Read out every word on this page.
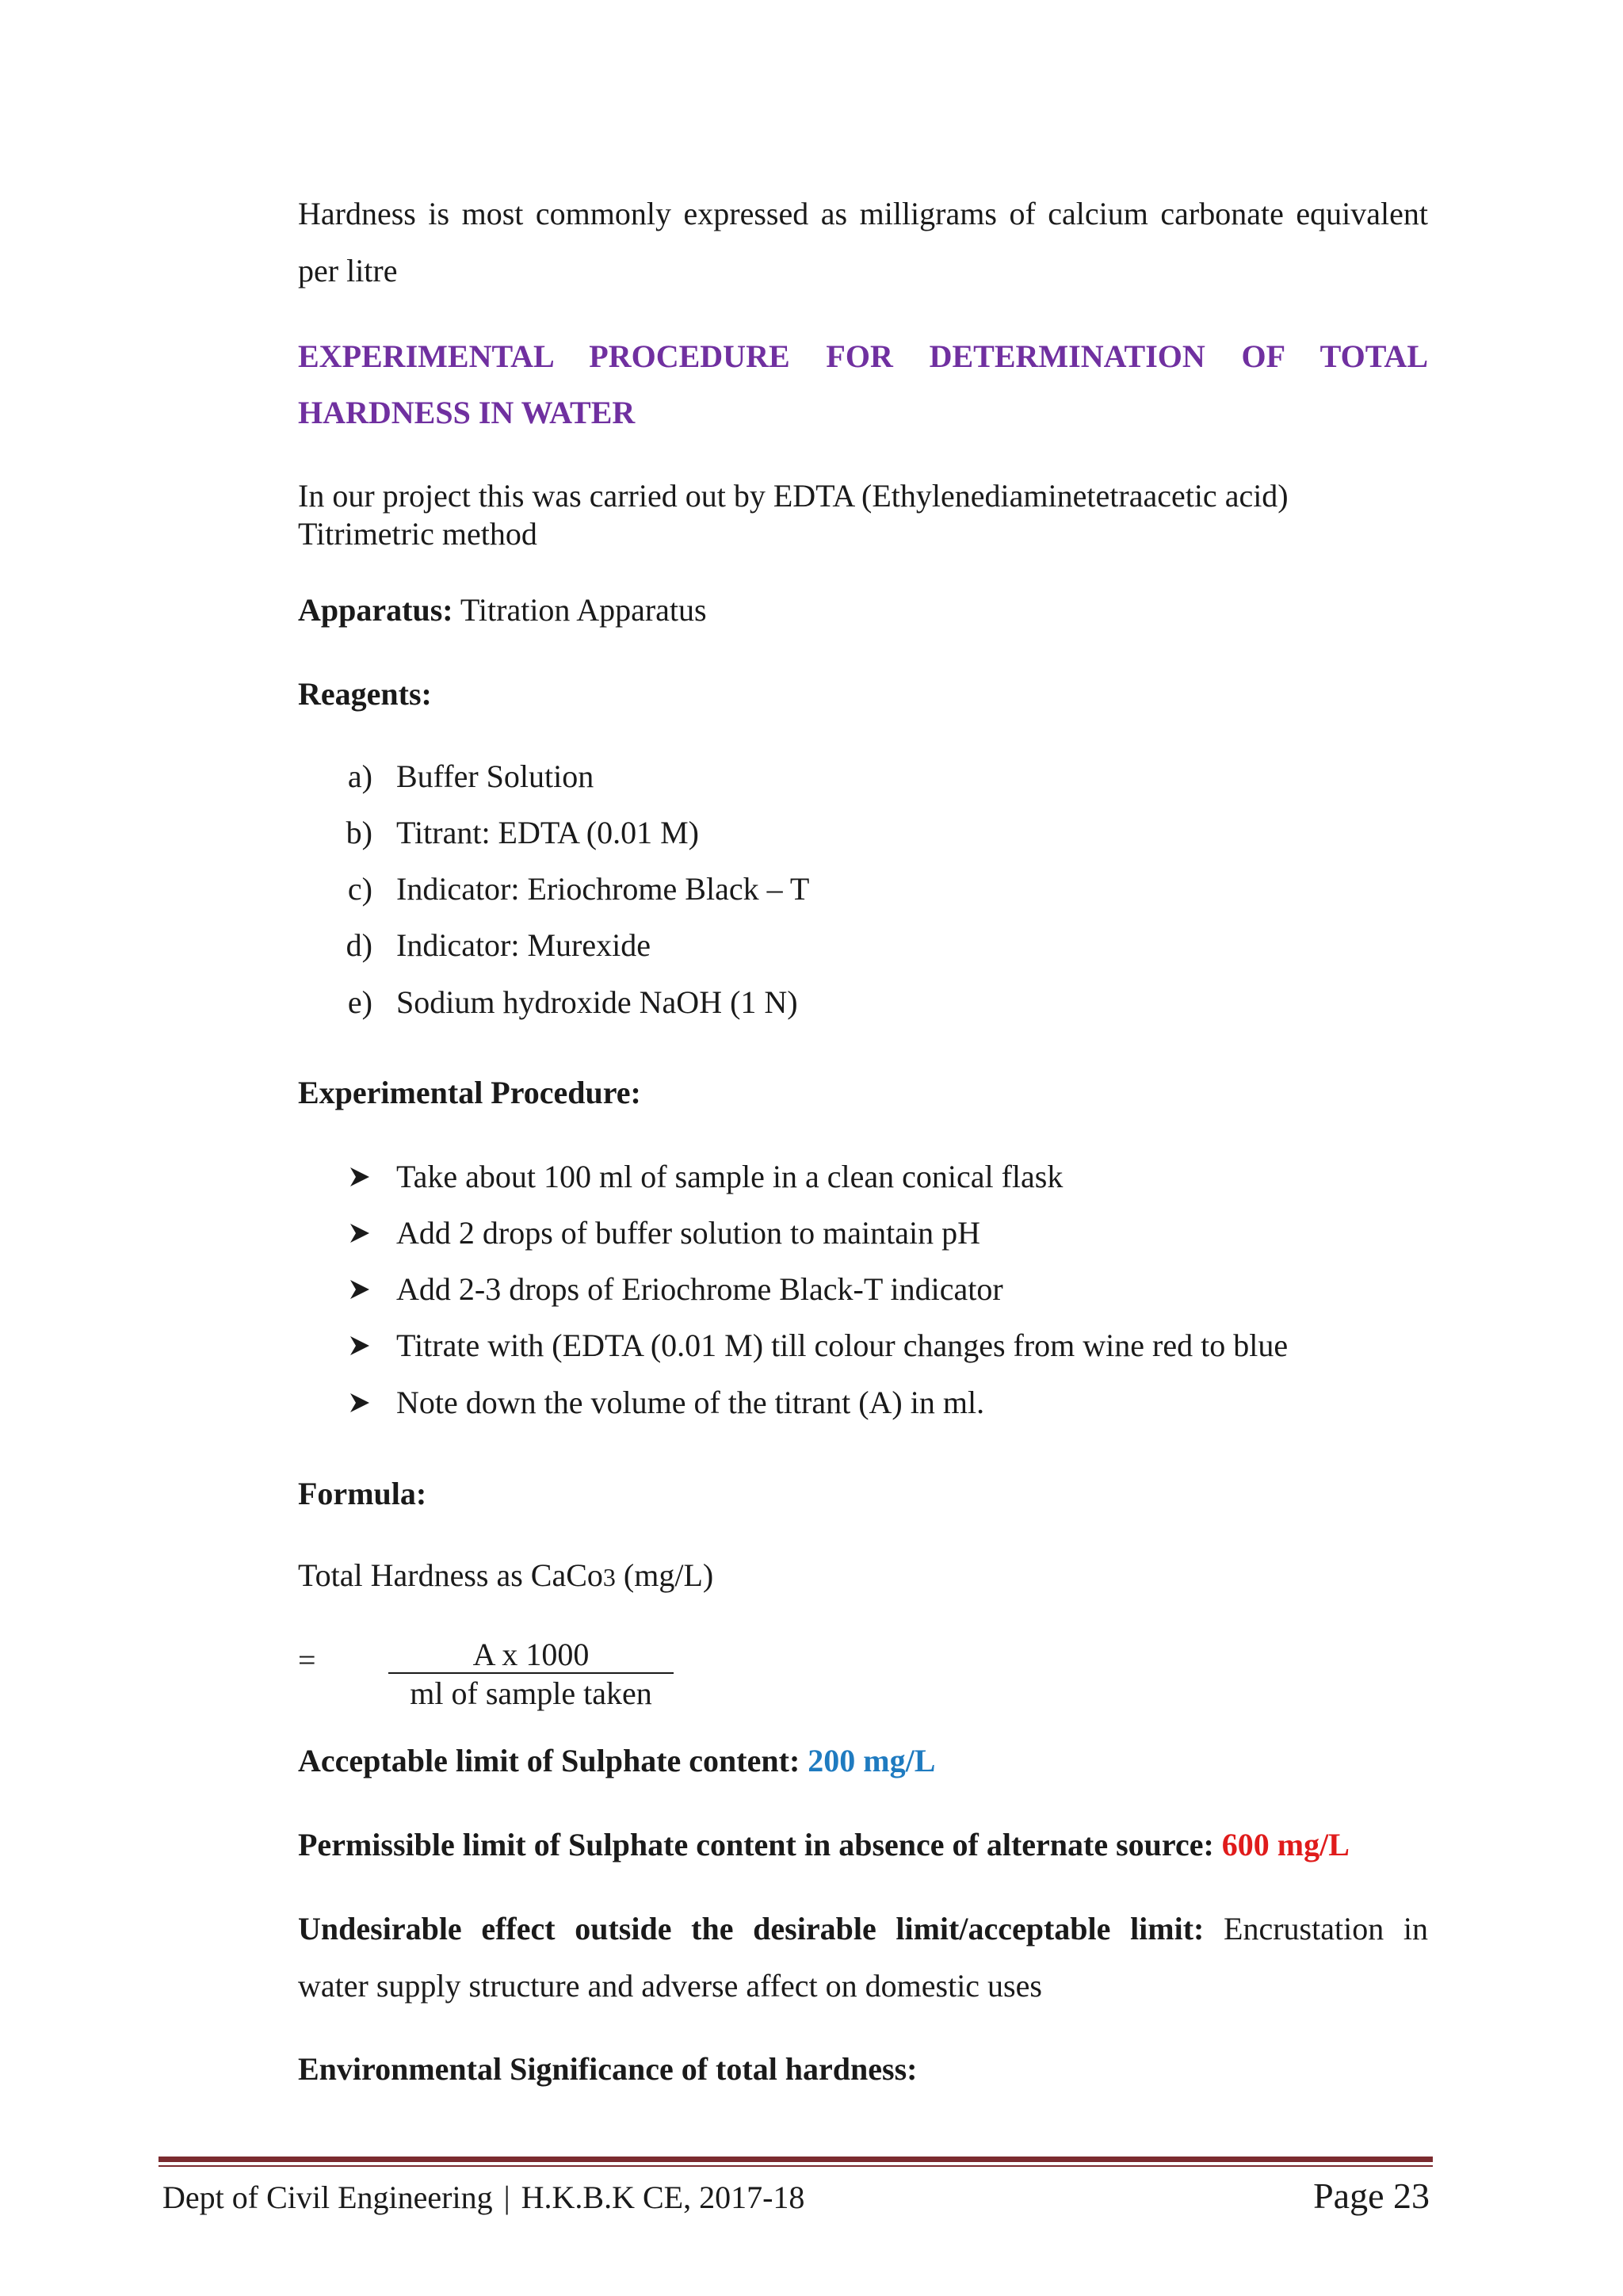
Hardness is most commonly expressed as milligrams of calcium carbonate equivalent
per litre
EXPERIMENTAL PROCEDURE FOR DETERMINATION OF TOTAL
HARDNESS IN WATER
In our project this was carried out by EDTA (Ethylenediaminetetraacetic acid)
Titrimetric method
Apparatus: Titration Apparatus
Reagents:
a) Buffer Solution
b) Titrant: EDTA (0.01 M)
c) Indicator: Eriochrome Black – T
d) Indicator: Murexide
e) Sodium hydroxide NaOH (1 N)
Experimental Procedure:
Take about 100 ml of sample in a clean conical flask
Add 2 drops of buffer solution to maintain pH
Add 2-3 drops of Eriochrome Black-T indicator
Titrate with (EDTA (0.01 M) till colour changes from wine red to blue
Note down the volume of the titrant (A) in ml.
Formula:
Total Hardness as CaCo3 (mg/L)
=	A x 1000
ml of sample taken
Acceptable limit of Sulphate content: 200 mg/L
Permissible limit of Sulphate content in absence of alternate source: 600 mg/L
Undesirable effect outside the desirable limit/acceptable limit: Encrustation in
water supply structure and adverse affect on domestic uses
Environmental Significance of total hardness:
Dept of Civil Engineering | H.K.B.K CE, 2017-18	Page 23
